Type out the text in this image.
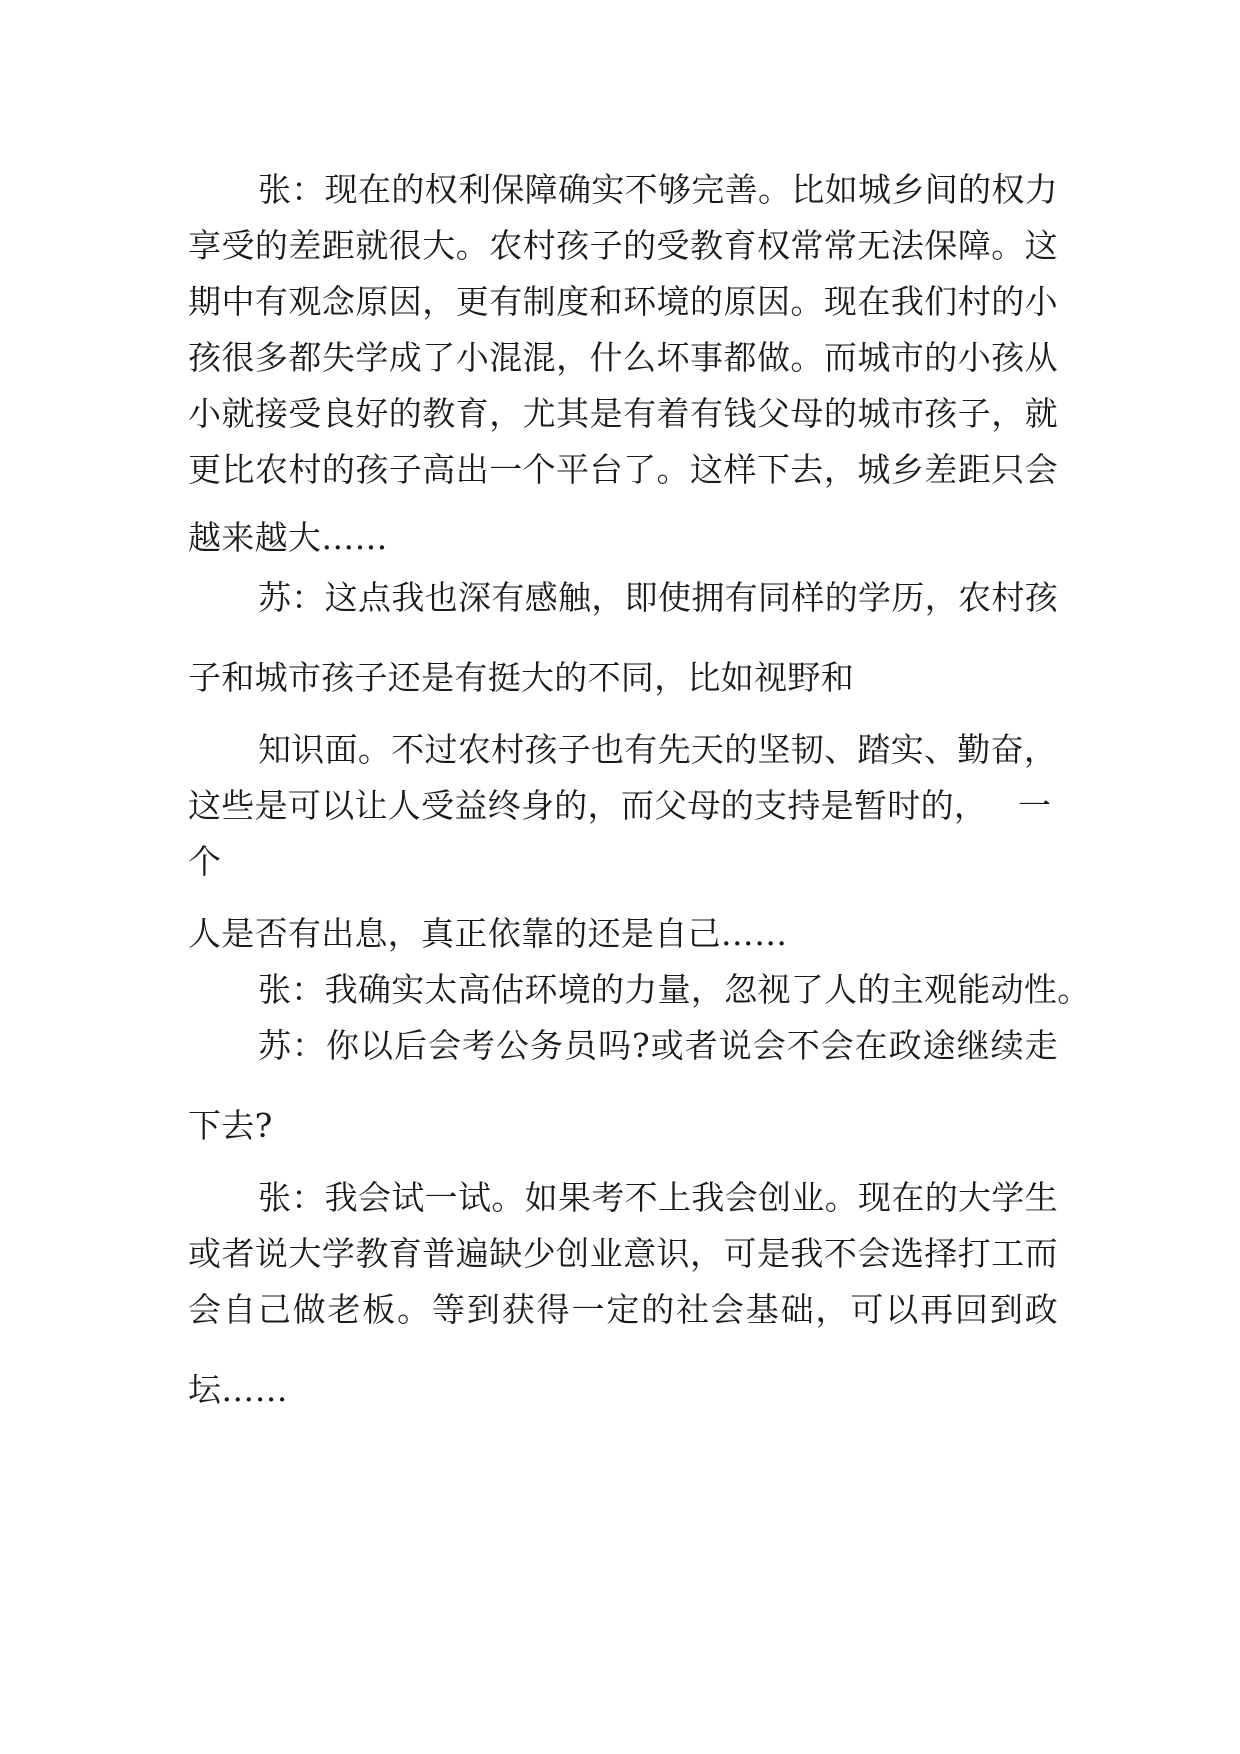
张：现在的权利保障确实不够完善。比如城乡间的权力
享受的差距就很大。农村孩子的受教育权常常无法保障。这
期中有观念原因，更有制度和环境的原因。现在我们村的小
孩很多都失学成了小混混，什么坏事都做。而城市的小孩从
小就接受良好的教育，尤其是有着有钱父母的城市孩子，就
更比农村的孩子高出一个平台了。这样下去，城乡差距只会
越来越大……
苏：这点我也深有感触，即使拥有同样的学历，农村孩
子和城市孩子还是有挺大的不同，比如视野和
知识面。不过农村孩子也有先天的坚韧、踏实、勤奋，
这些是可以让人受益终身的，而父母的支持是暂时的， 一
个
人是否有出息，真正依靠的还是自己……
张：我确实太高估环境的力量，忽视了人的主观能动性。
苏：你以后会考公务员吗?或者说会不会在政途继续走
下去?
张：我会试一试。如果考不上我会创业。现在的大学生
或者说大学教育普遍缺少创业意识，可是我不会选择打工而
会自己做老板。等到获得一定的社会基础，可以再回到政
坛……
